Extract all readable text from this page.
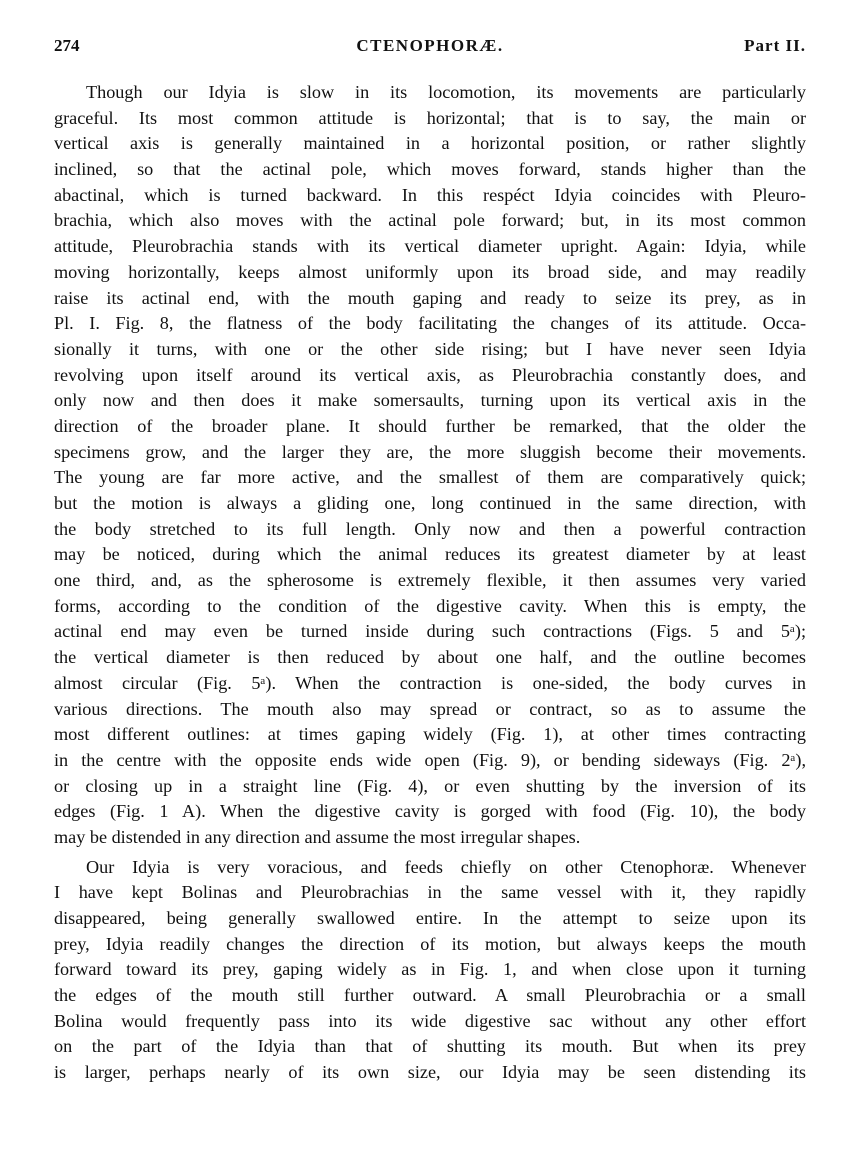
274	CTENOPHORÆ.	Part II.
Though our Idyia is slow in its locomotion, its movements are particularly
graceful. Its most common attitude is horizontal; that is to say, the main or
vertical axis is generally maintained in a horizontal position, or rather slightly
inclined, so that the actinal pole, which moves forward, stands higher than the
abactinal, which is turned backward. In this respéct Idyia coincides with Pleuro-
brachia, which also moves with the actinal pole forward; but, in its most common
attitude, Pleurobrachia stands with its vertical diameter upright. Again: Idyia, while
moving horizontally, keeps almost uniformly upon its broad side, and may readily
raise its actinal end, with the mouth gaping and ready to seize its prey, as in
Pl. I. Fig. 8, the flatness of the body facilitating the changes of its attitude. Occa-
sionally it turns, with one or the other side rising; but I have never seen Idyia
revolving upon itself around its vertical axis, as Pleurobrachia constantly does, and
only now and then does it make somersaults, turning upon its vertical axis in the
direction of the broader plane. It should further be remarked, that the older the
specimens grow, and the larger they are, the more sluggish become their movements.
The young are far more active, and the smallest of them are comparatively quick;
but the motion is always a gliding one, long continued in the same direction, with
the body stretched to its full length. Only now and then a powerful contraction
may be noticed, during which the animal reduces its greatest diameter by at least
one third, and, as the spherosome is extremely flexible, it then assumes very varied
forms, according to the condition of the digestive cavity. When this is empty, the
actinal end may even be turned inside during such contractions (Figs. 5 and 5ᵃ);
the vertical diameter is then reduced by about one half, and the outline becomes
almost circular (Fig. 5ᵃ). When the contraction is one-sided, the body curves in
various directions. The mouth also may spread or contract, so as to assume the
most different outlines: at times gaping widely (Fig. 1), at other times contracting
in the centre with the opposite ends wide open (Fig. 9), or bending sideways (Fig. 2ᵃ),
or closing up in a straight line (Fig. 4), or even shutting by the inversion of its
edges (Fig. 1 A). When the digestive cavity is gorged with food (Fig. 10), the body
may be distended in any direction and assume the most irregular shapes.
Our Idyia is very voracious, and feeds chiefly on other Ctenophoræ. Whenever
I have kept Bolinas and Pleurobrachias in the same vessel with it, they rapidly
disappeared, being generally swallowed entire. In the attempt to seize upon its
prey, Idyia readily changes the direction of its motion, but always keeps the mouth
forward toward its prey, gaping widely as in Fig. 1, and when close upon it turning
the edges of the mouth still further outward. A small Pleurobrachia or a small
Bolina would frequently pass into its wide digestive sac without any other effort
on the part of the Idyia than that of shutting its mouth. But when its prey
is larger, perhaps nearly of its own size, our Idyia may be seen distending its
